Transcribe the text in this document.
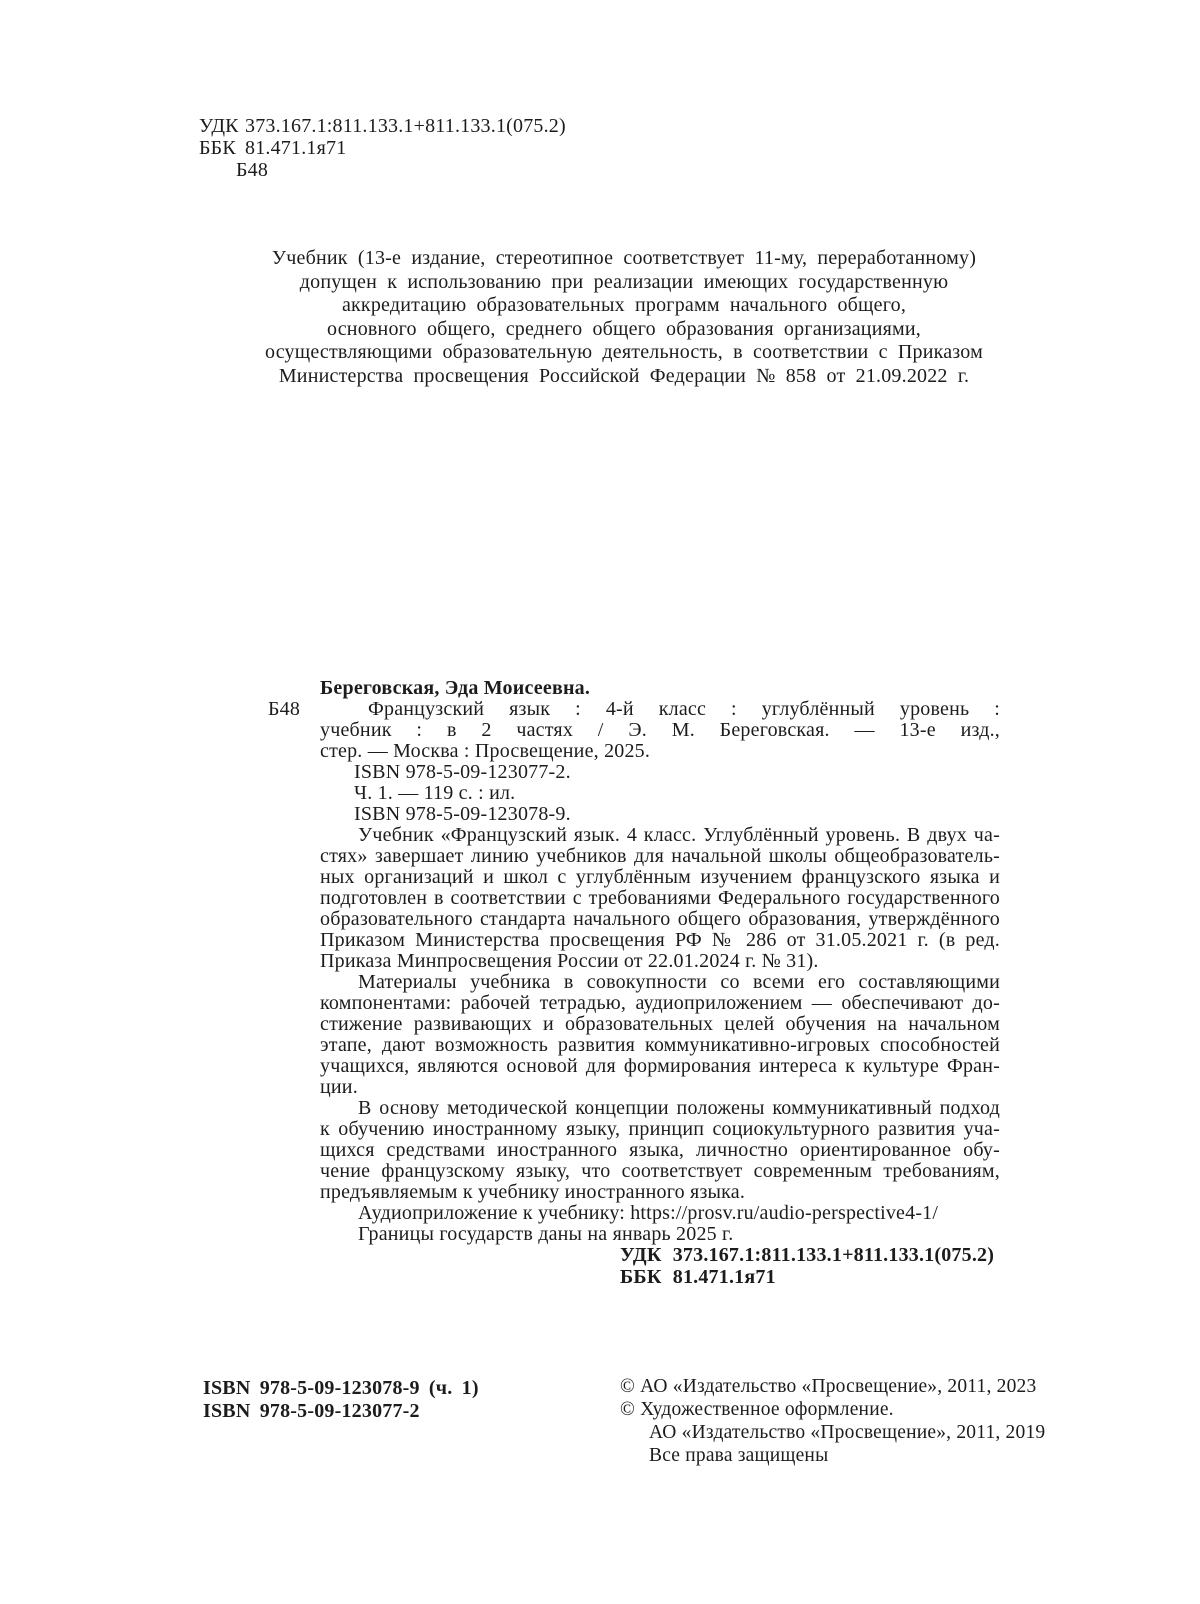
УДК 373.167.1:811.133.1+811.133.1(075.2)
ББК 81.471.1я71
Б48
Учебник (13-е издание, стереотипное соответствует 11-му, переработанному)
допущен к использованию при реализации имеющих государственную
аккредитацию образовательных программ начального общего,
основного общего, среднего общего образования организациями,
осуществляющими образовательную деятельность, в соответствии с Приказом
Министерства просвещения Российской Федерации № 858 от 21.09.2022 г.
Береговская, Эда Моисеевна.
Б48	Французский язык : 4-й класс : углублённый уровень :
учебник : в 2 частях / Э. М. Береговская. — 13-е изд.,
стер. — Москва : Просвещение, 2025.
ISBN 978-5-09-123077-2.
Ч. 1. — 119 с. : ил.
ISBN 978-5-09-123078-9.
Учебник «Французский язык. 4 класс. Углублённый уровень. В двух ча-
стях» завершает линию учебников для начальной школы общеобразователь-
ных организаций и школ с углублённым изучением французского языка и
подготовлен в соответствии с требованиями Федерального государственного
образовательного стандарта начального общего образования, утверждённого
Приказом Министерства просвещения РФ № 286 от 31.05.2021 г. (в ред.
Приказа Минпросвещения России от 22.01.2024 г. № 31).
Материалы учебника в совокупности со всеми его составляющими
компонентами: рабочей тетрадью, аудиоприложением — обеспечивают до-
стижение развивающих и образовательных целей обучения на начальном
этапе, дают возможность развития коммуникативно-игровых способностей
учащихся, являются основой для формирования интереса к культуре Фран-
ции.
В основу методической концепции положены коммуникативный подход
к обучению иностранному языку, принцип социокультурного развития уча-
щихся средствами иностранного языка, личностно ориентированное обу-
чение французскому языку, что соответствует современным требованиям,
предъявляемым к учебнику иностранного языка.
Аудиоприложение к учебнику: https://prosv.ru/audio-perspective4-1/
Границы государств даны на январь 2025 г.
УДК 373.167.1:811.133.1+811.133.1(075.2)
ББК 81.471.1я71
ISBN 978-5-09-123078-9 (ч. 1)
ISBN 978-5-09-123077-2
© АО «Издательство «Просвещение», 2011, 2023
© Художественное оформление.
АО «Издательство «Просвещение», 2011, 2019
Все права защищены
